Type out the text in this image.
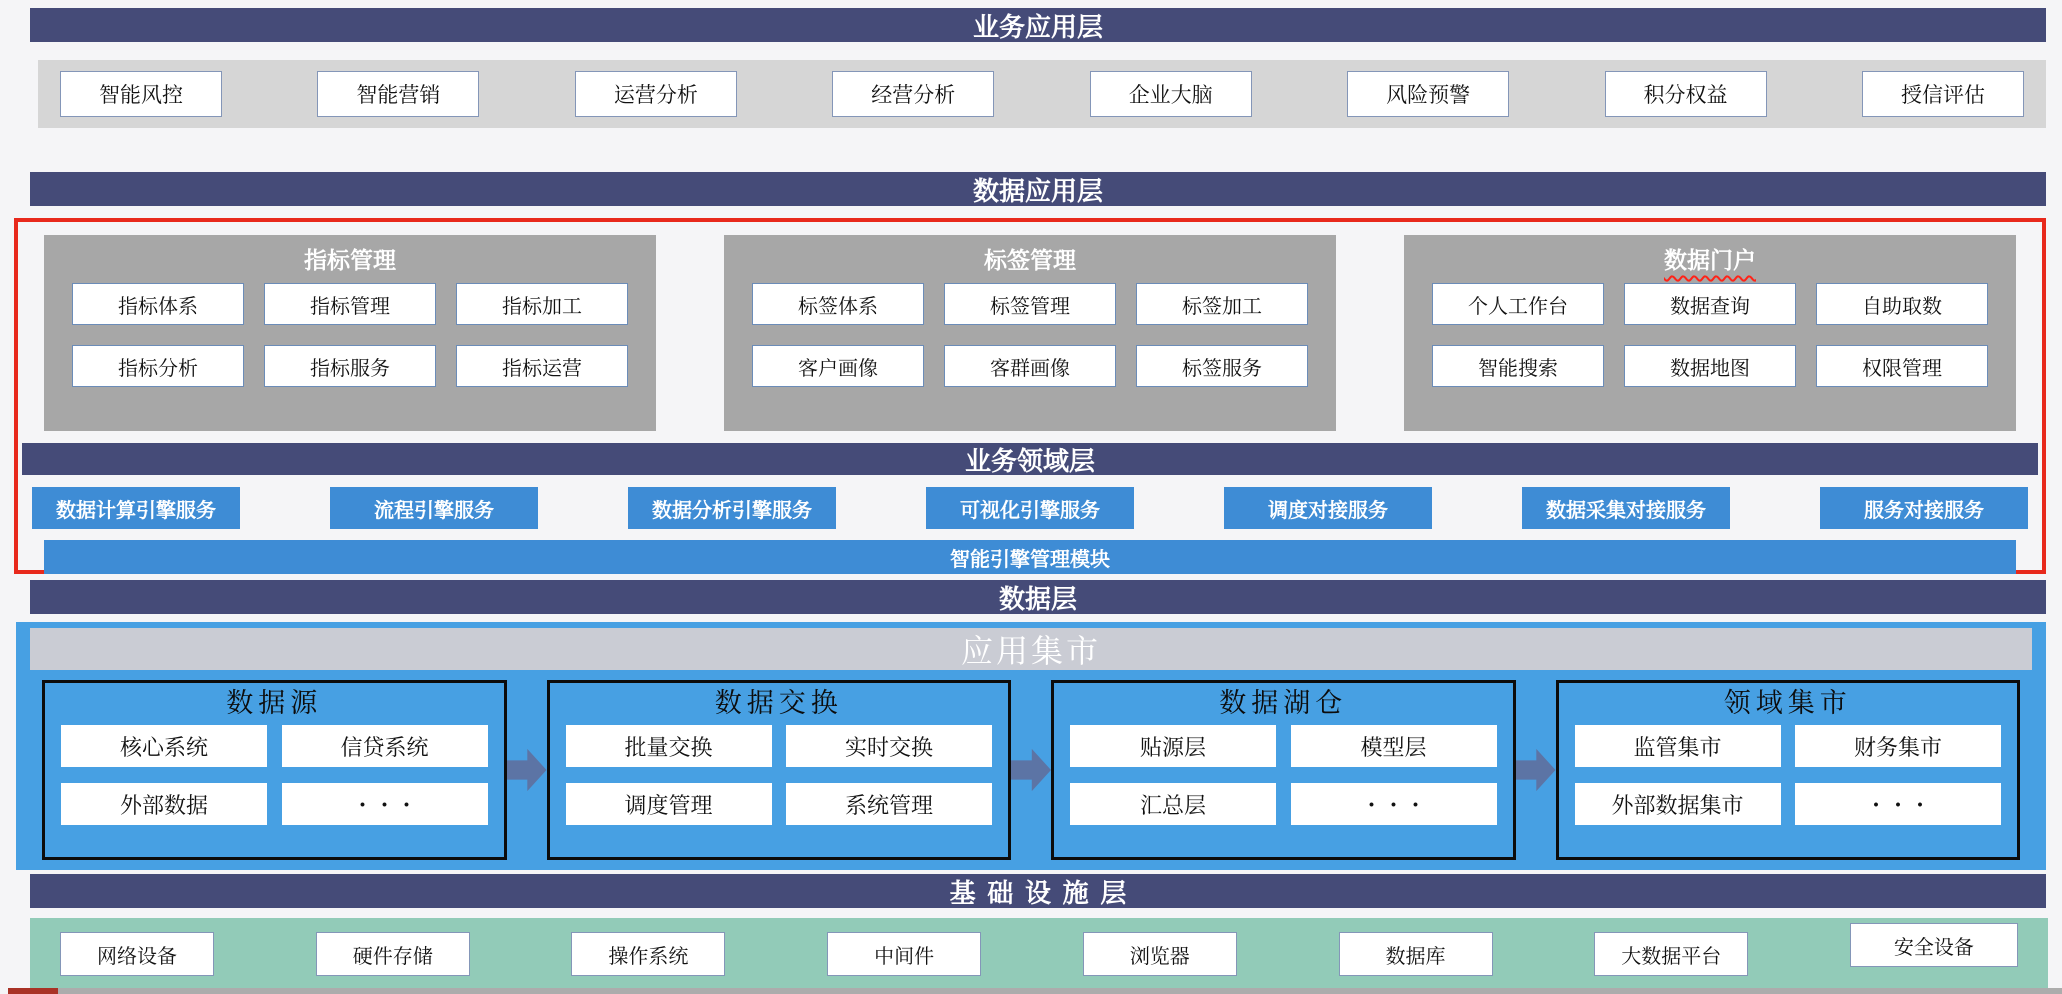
业务应用层
智能风控	智能营销	运营分析	经营分析	企业大脑	风险预警	积分权益	授信评估
数据应用层
指标管理
指标体系	指标管理	指标加工
指标分析	指标服务	指标运营
标签管理
标签体系	标签管理	标签加工
客户画像	客群画像	标签服务
数据门户
个人工作台	数据查询	自助取数
智能搜索	数据地图	权限管理
业务领域层
数据计算引擎服务	流程引擎服务	数据分析引擎服务	可视化引擎服务	调度对接服务	数据采集对接服务	服务对接服务
智能引擎管理模块
数据层
应用集市
数据源
核心系统	信贷系统
外部数据	・・・
数据交换
批量交换	实时交换
调度管理	系统管理
数据湖仓
贴源层	模型层
汇总层	・・・
领域集市
监管集市	财务集市
外部数据集市	・・・
基础设施层
网络设备	硬件存储	操作系统	中间件	浏览器	数据库	大数据平台	安全设备
